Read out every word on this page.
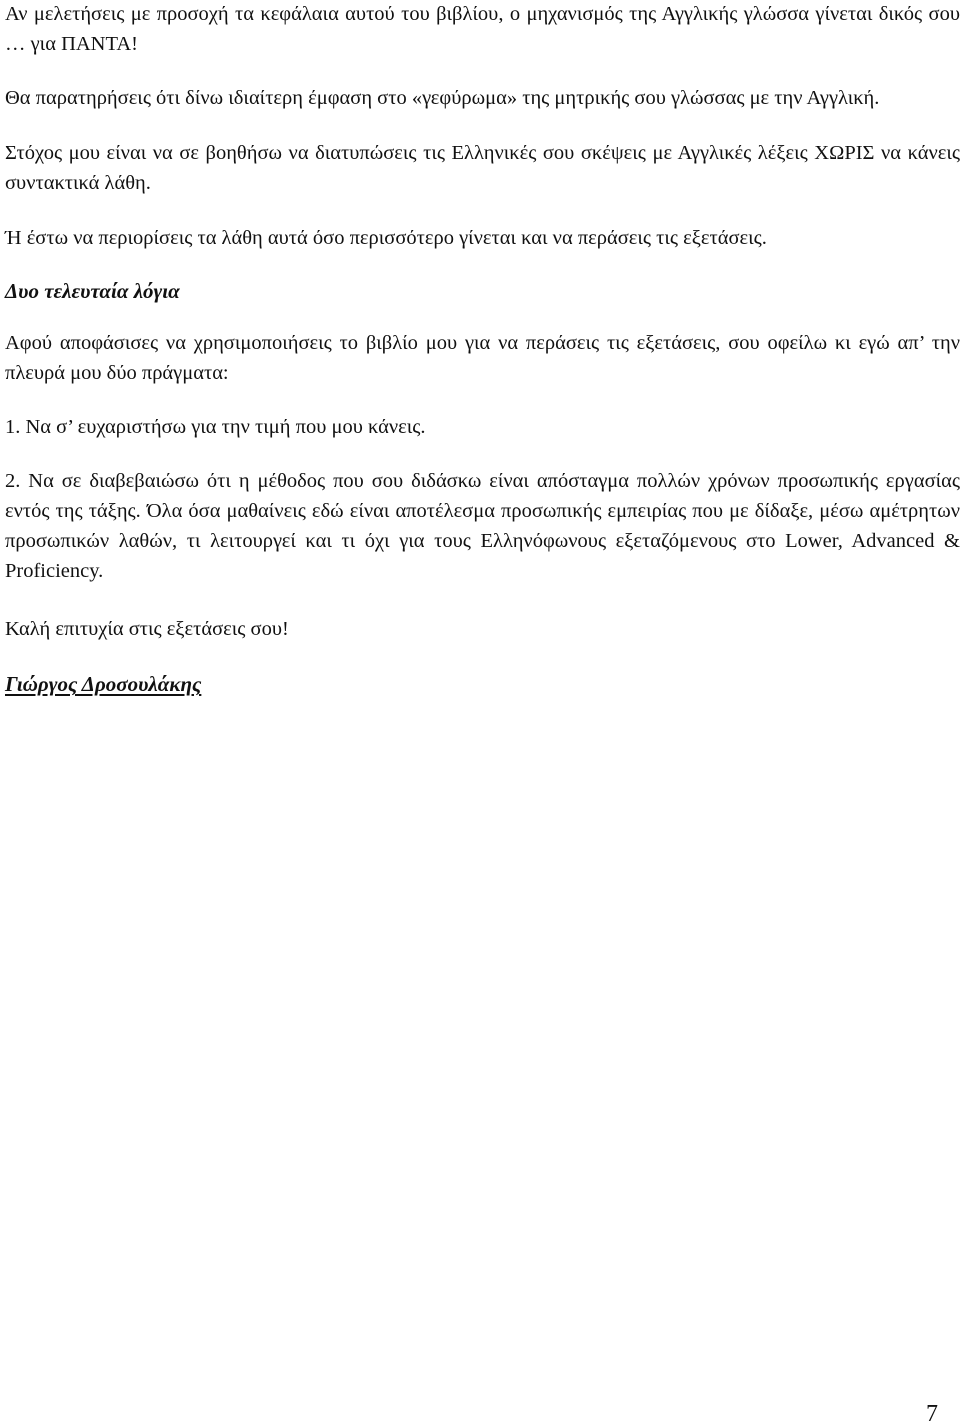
Αν μελετήσεις με προσοχή τα κεφάλαια αυτού του βιβλίου, ο μηχανισμός της Αγγλικής γλώσσα γίνεται δικός σου … για ΠΑΝΤΑ!

Θα παρατηρήσεις ότι δίνω ιδιαίτερη έμφαση στο «γεφύρωμα» της μητρικής σου γλώσσας με την Αγγλική.

Στόχος μου είναι να σε βοηθήσω να διατυπώσεις τις Ελληνικές σου σκέψεις με Αγγλικές λέξεις ΧΩΡΙΣ να κάνεις συντακτικά λάθη.

Ή έστω να περιορίσεις τα λάθη αυτά όσο περισσότερο γίνεται και να περάσεις τις εξετάσεις.

Δυο τελευταία λόγια

Αφού αποφάσισες να χρησιμοποιήσεις το βιβλίο μου για να περάσεις τις εξετάσεις, σου οφείλω κι εγώ απ’ την πλευρά μου δύο πράγματα:

1. Να σ’ ευχαριστήσω για την τιμή που μου κάνεις.

2. Να σε διαβεβαιώσω ότι η μέθοδος που σου διδάσκω είναι απόσταγμα πολλών χρόνων προσωπικής εργασίας εντός της τάξης. Όλα όσα μαθαίνεις εδώ είναι αποτέλεσμα προσωπικής εμπειρίας που με δίδαξε, μέσω αμέτρητων προσωπικών λαθών, τι λειτουργεί και τι όχι για τους Ελληνόφωνους εξεταζόμενους στο Lower, Advanced & Proficiency.

Καλή επιτυχία στις εξετάσεις σου!

Γιώργος Δροσουλάκης

7
